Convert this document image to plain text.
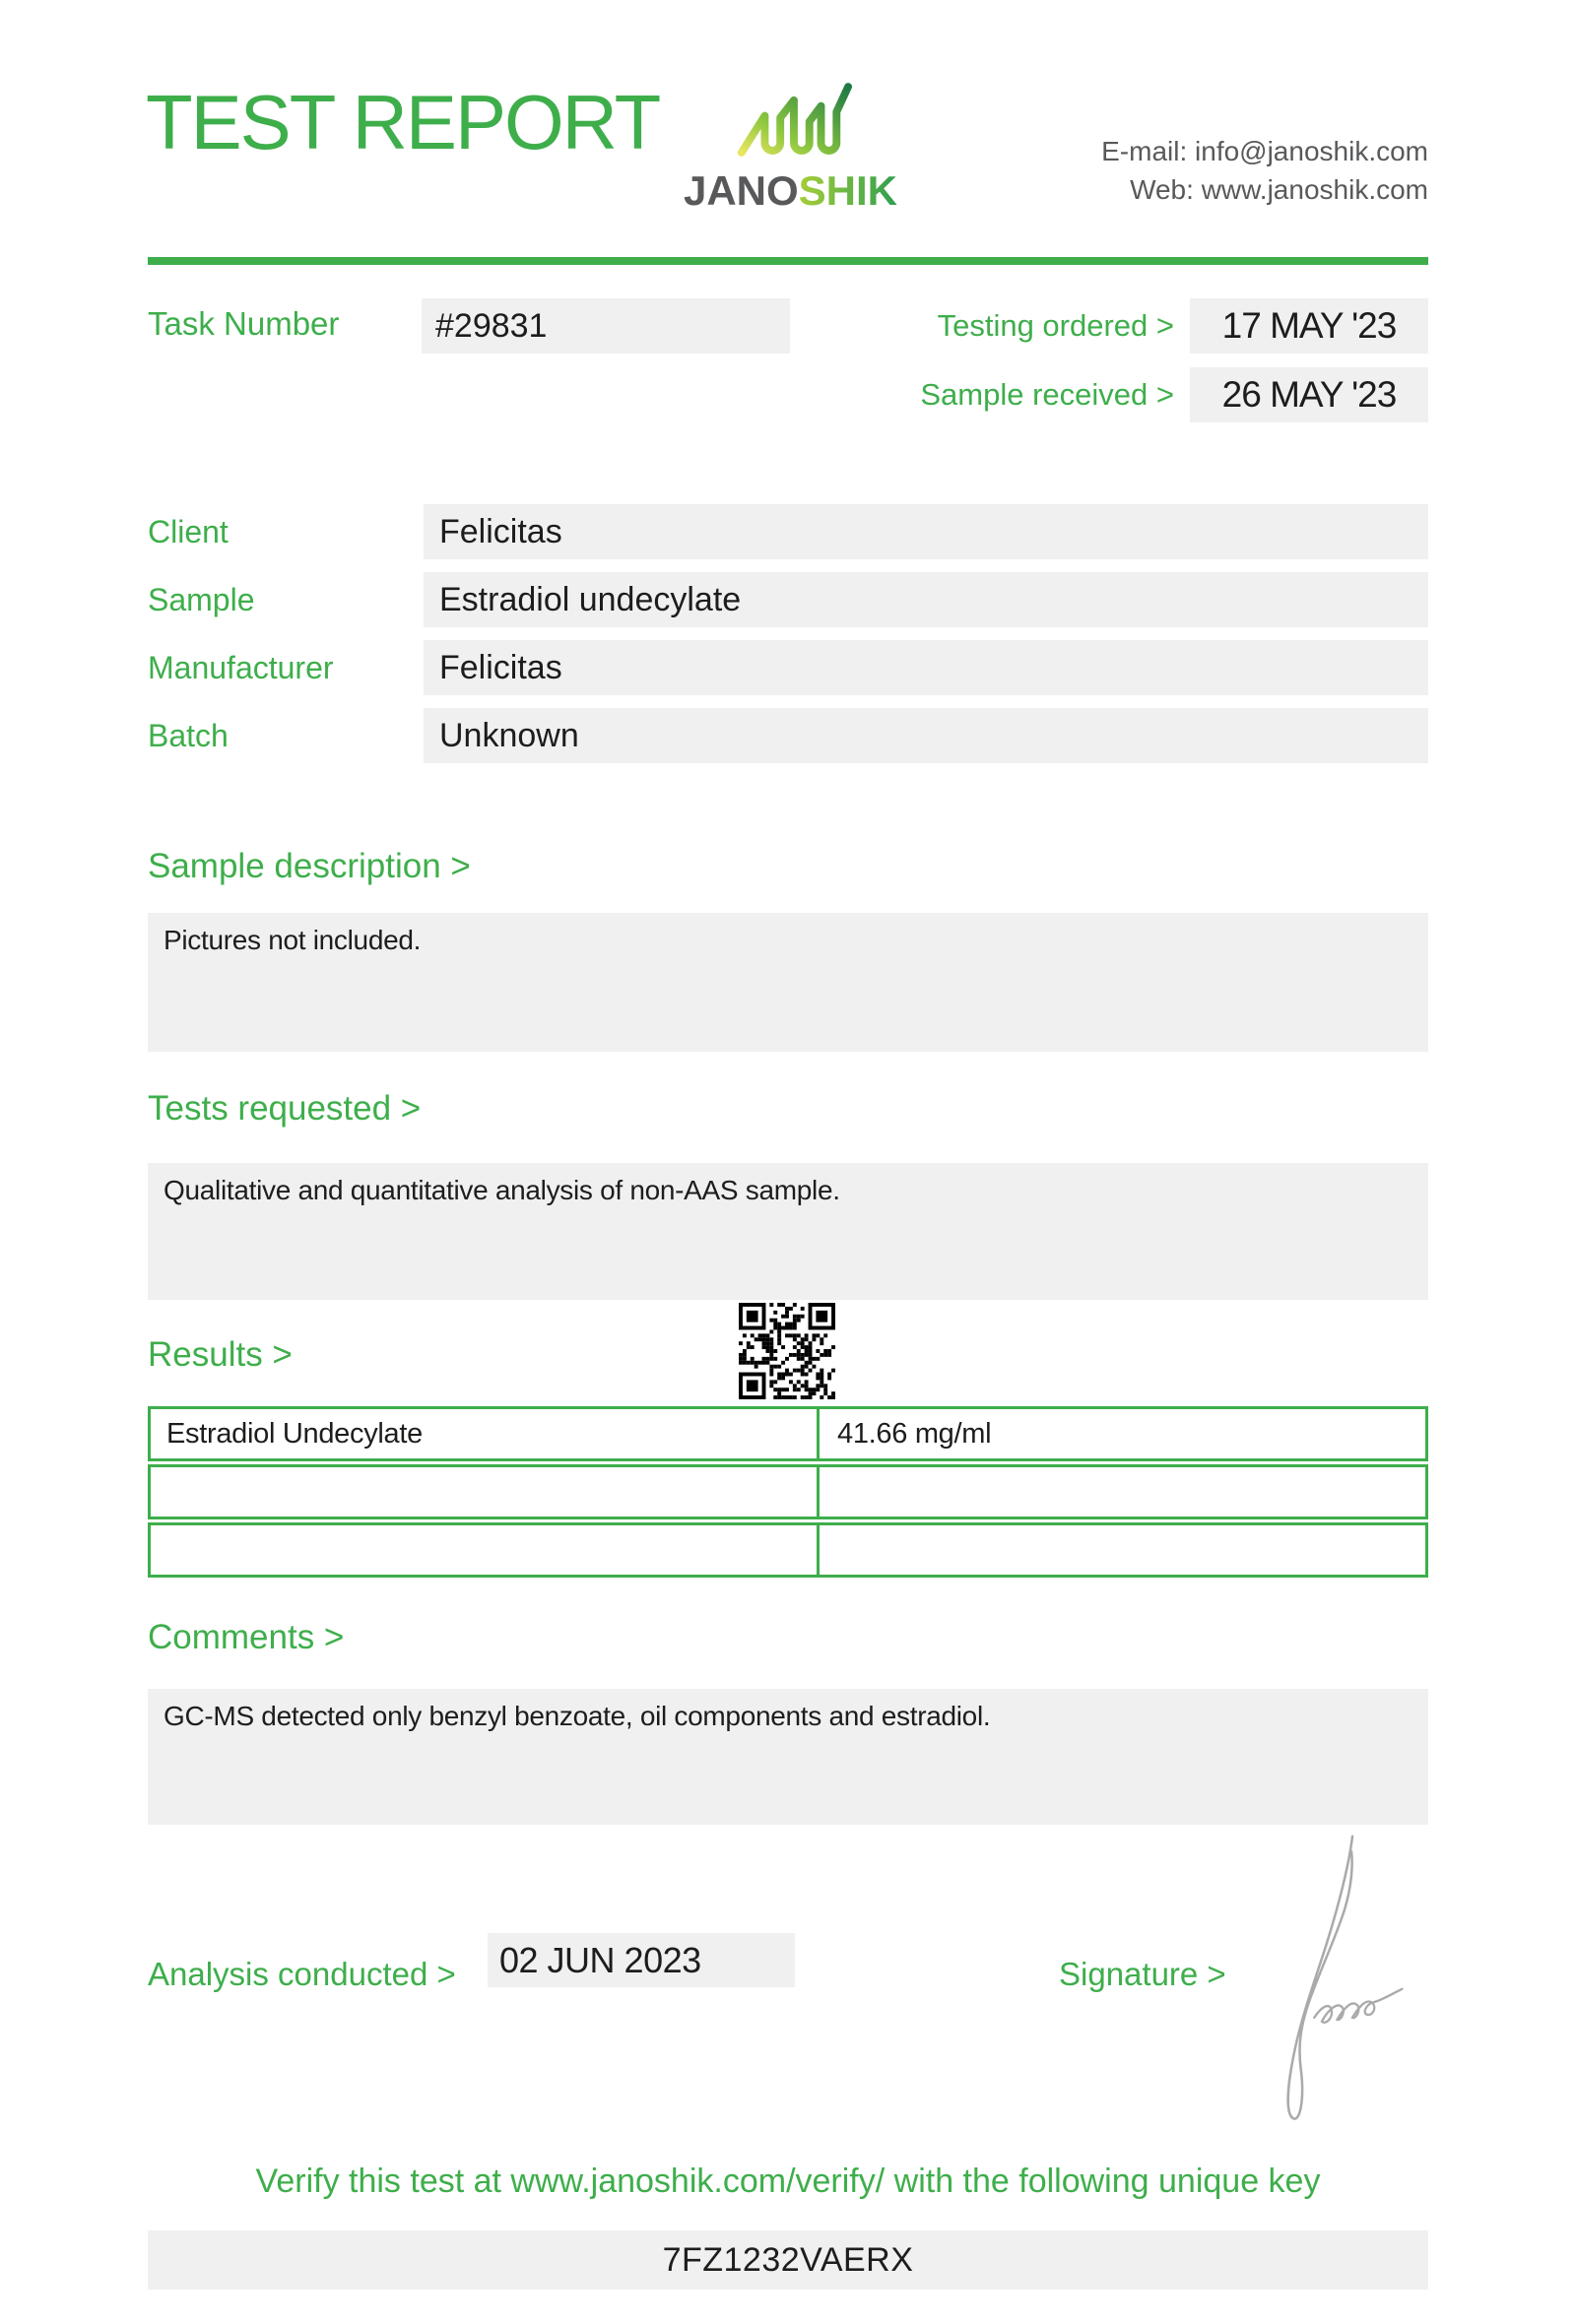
TEST REPORT
JANOSHIK
E-mail: info@janoshik.com
Web: www.janoshik.com
Task Number	#29831	Testing ordered >	17 MAY '23
Sample received >	26 MAY '23
Client	Felicitas
Sample	Estradiol undecylate
Manufacturer	Felicitas
Batch	Unknown
Sample description >
Pictures not included.
Tests requested >
Qualitative and quantitative analysis of non-AAS sample.
Results >
Estradiol Undecylate	41.66 mg/ml
Comments >
GC-MS detected only benzyl benzoate, oil components and estradiol.
Analysis conducted >	02 JUN 2023	Signature >
Verify this test at www.janoshik.com/verify/ with the following unique key
7FZ1232VAERX
